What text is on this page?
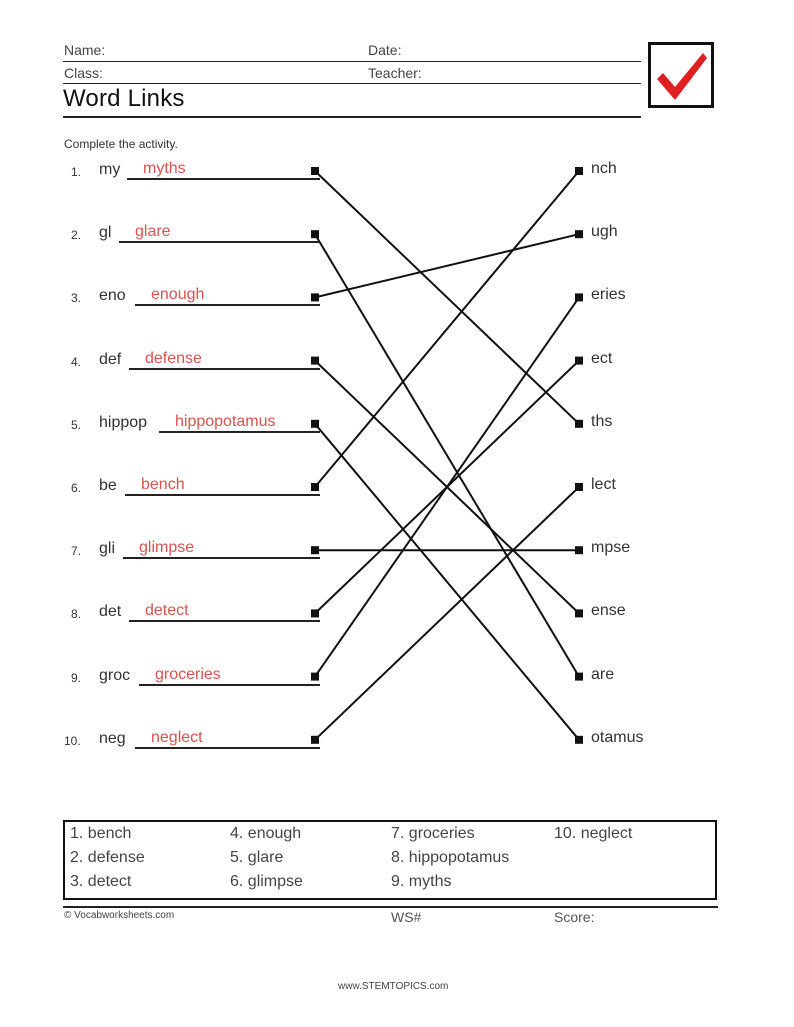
Name:	Date:
Class:	Teacher:
Word Links
Complete the activity.
1. my myths
2. gl glare
3. eno enough
4. def defense
5. hippop hippopotamus
6. be bench
7. gli glimpse
8. det detect
9. groc groceries
10. neg neglect
nch
ugh
eries
ect
ths
lect
mpse
ense
are
otamus
1. bench
2. defense
3. detect
4. enough
5. glare
6. glimpse
7. groceries
8. hippopotamus
9. myths
10. neglect
© Vocabworksheets.com	WS#	Score:
www.STEMTOPICS.com
